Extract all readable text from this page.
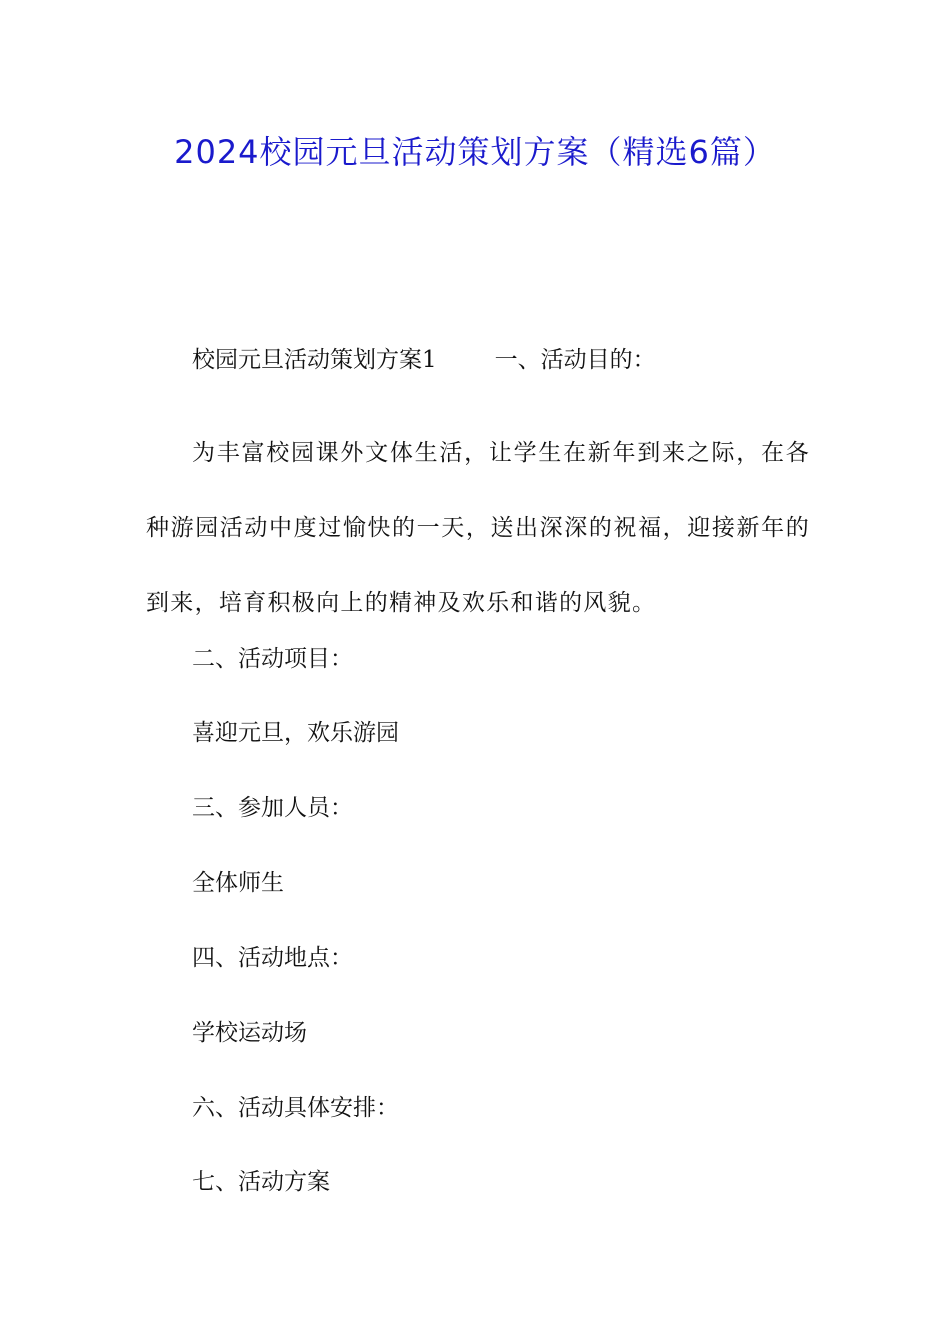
2024校园元旦活动策划方案（精选6篇）
校园元旦活动策划方案1	一、活动目的：
为丰富校园课外文体生活，让学生在新年到来之际，在各种游园活动中度过愉快的一天，送出深深的祝福，迎接新年的到来，培育积极向上的精神及欢乐和谐的风貌。
二、活动项目：
喜迎元旦，欢乐游园
三、参加人员：
全体师生
四、活动地点：
学校运动场
六、活动具体安排：
七、活动方案
